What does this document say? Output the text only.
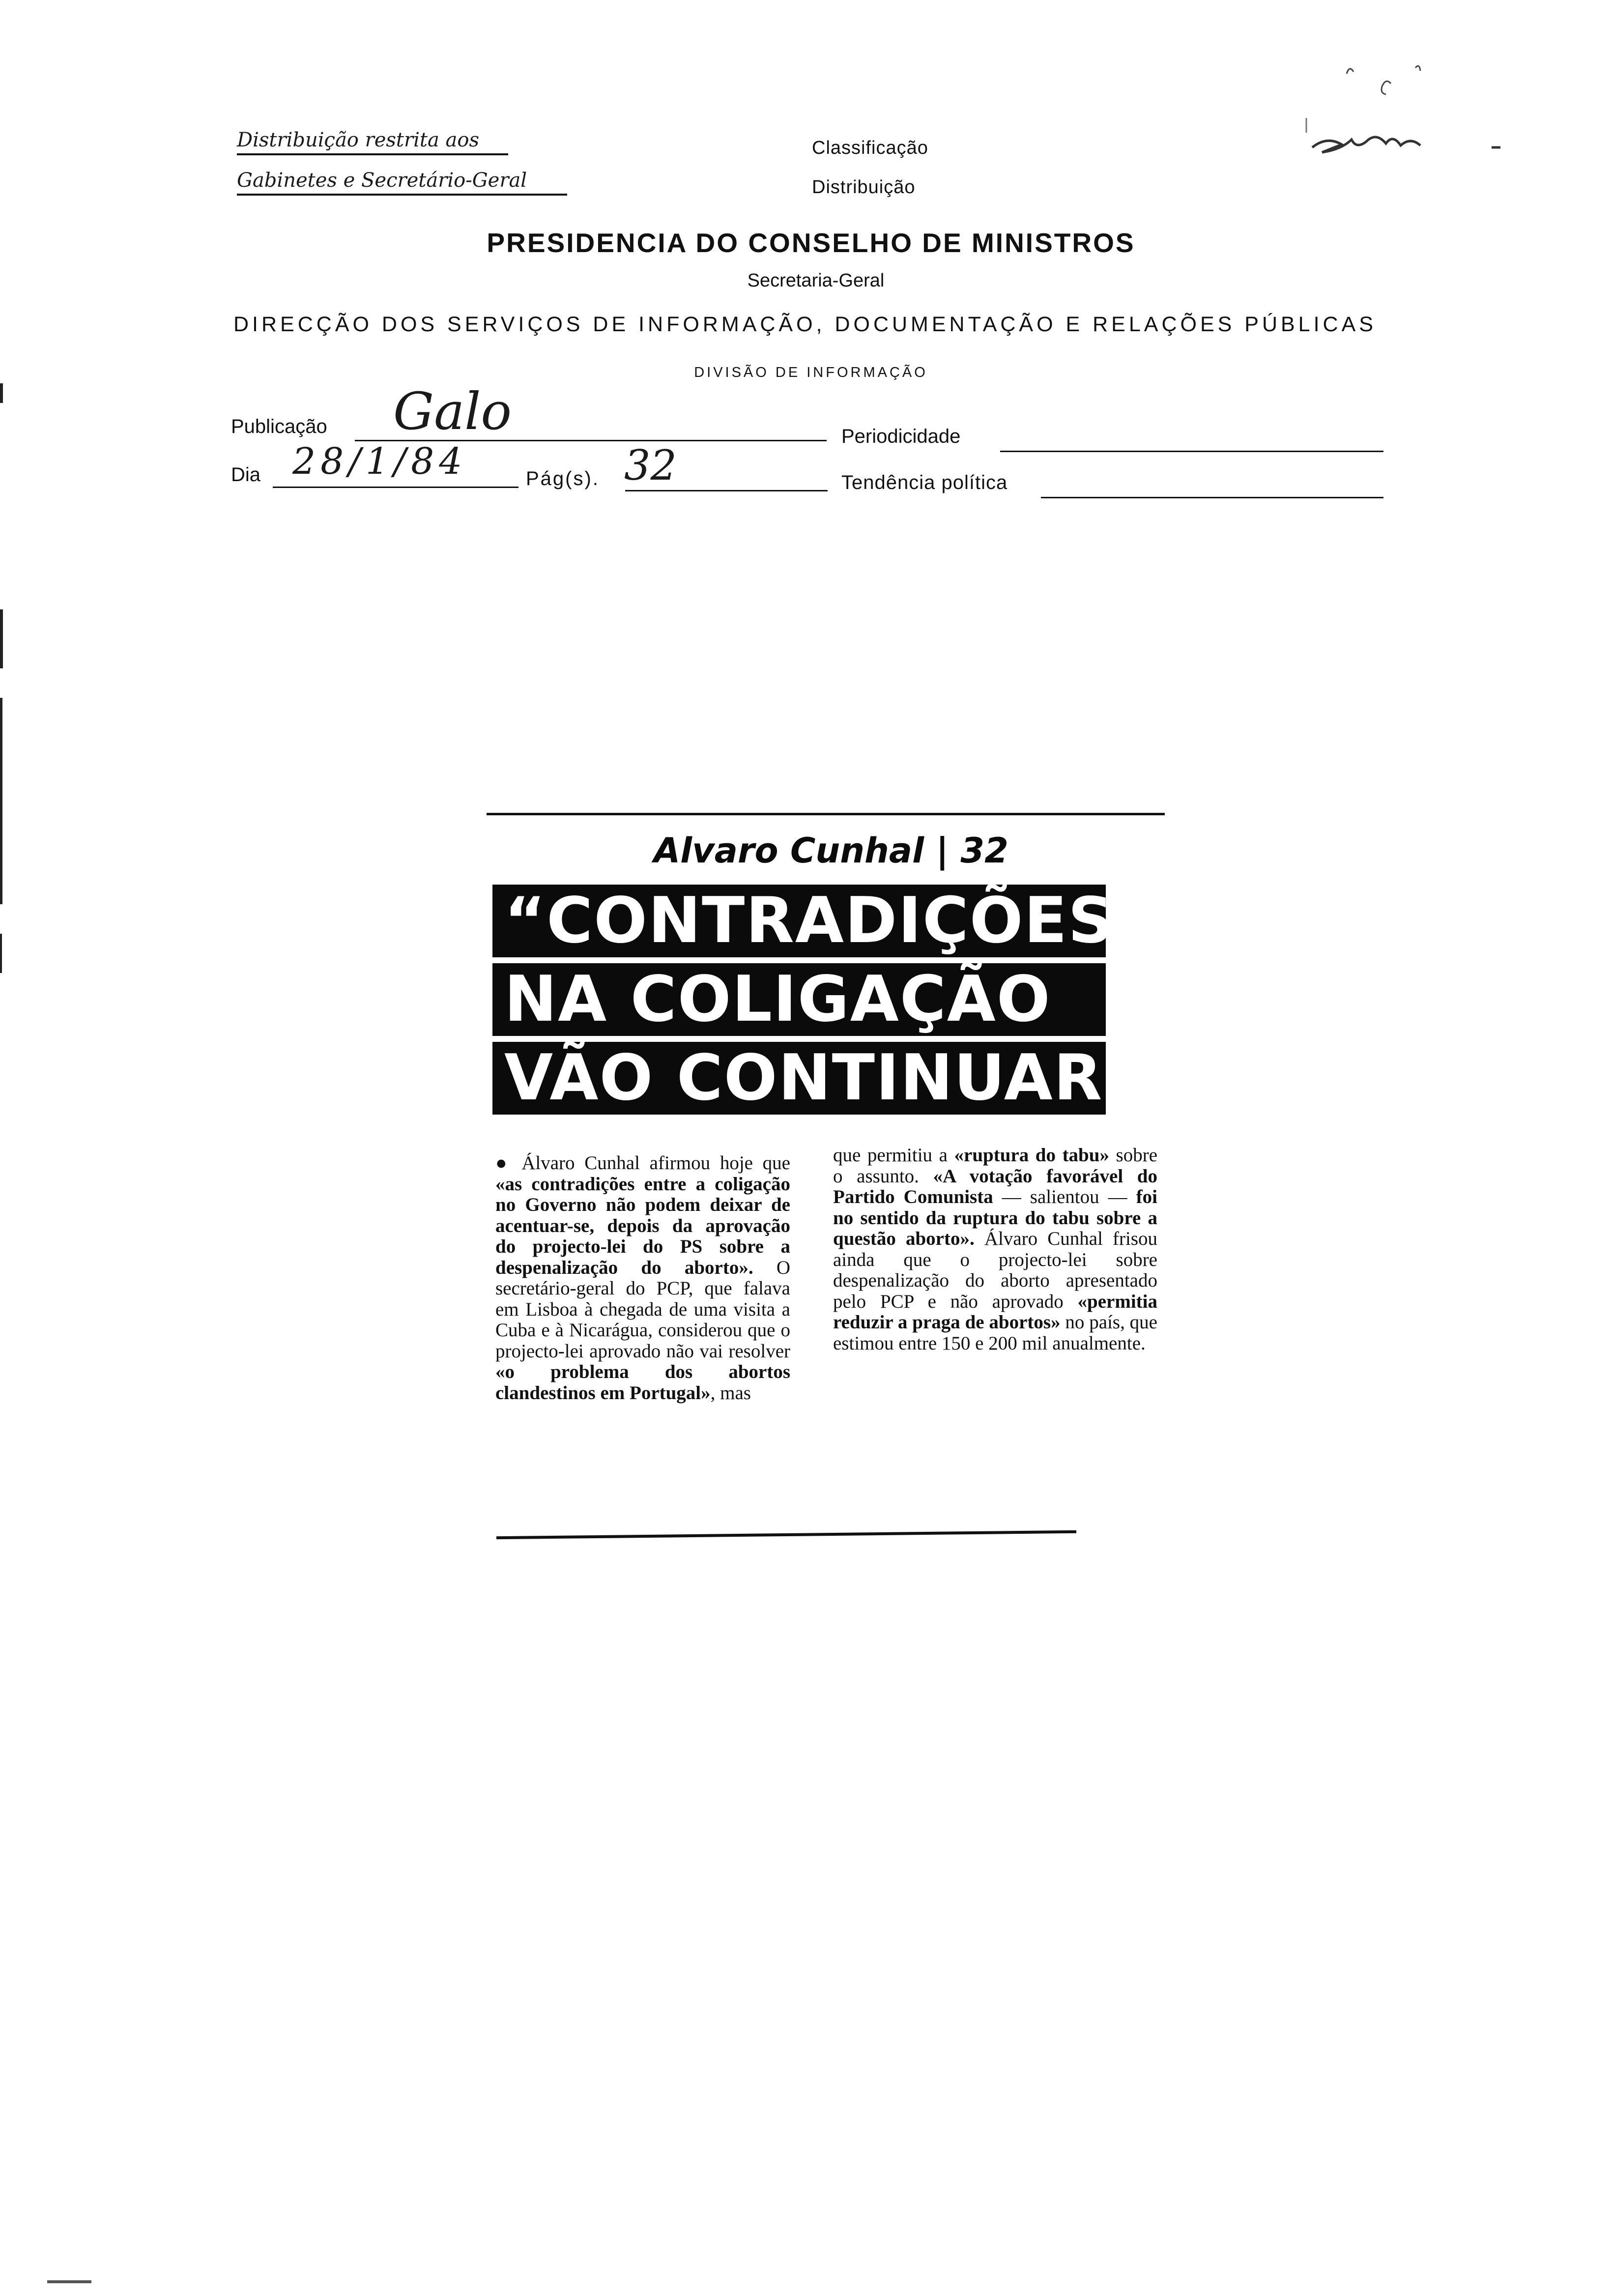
Distribuição restrita aos
Gabinetes e Secretário-Geral
Classificação
Distribuição
PRESIDENCIA DO CONSELHO DE MINISTROS
Secretaria-Geral
DIRECÇÃO DOS SERVIÇOS DE INFORMAÇÃO, DOCUMENTAÇÃO E RELAÇÕES PÚBLICAS
DIVISÃO DE INFORMAÇÃO
Publicação Galo	Periodicidade
Dia 28/1/84	Pág(s). 32	Tendência política
Alvaro Cunhal | 32
“CONTRADIÇÕES
NA COLIGAÇÃO
VÃO CONTINUAR”
● Álvaro Cunhal afirmou hoje que «as contradições entre a coligação no Governo não podem deixar de acentuar-se, depois da aprovação do projecto-lei do PS sobre a despenalização do aborto». O secretário-geral do PCP, que falava em Lisboa à chegada de uma visita a Cuba e à Nicarágua, considerou que o projecto-lei aprovado não vai resolver «o problema dos abortos clandestinos em Portugal», mas
que permitiu a «ruptura do tabu» sobre o assunto. «A votação favorável do Partido Comunista — salientou — foi no sentido da ruptura do tabu sobre a questão aborto». Álvaro Cunhal frisou ainda que o projecto-lei sobre despenalização do aborto apresentado pelo PCP e não aprovado «permitia reduzir a praga de abortos» no país, que estimou entre 150 e 200 mil anualmente.
